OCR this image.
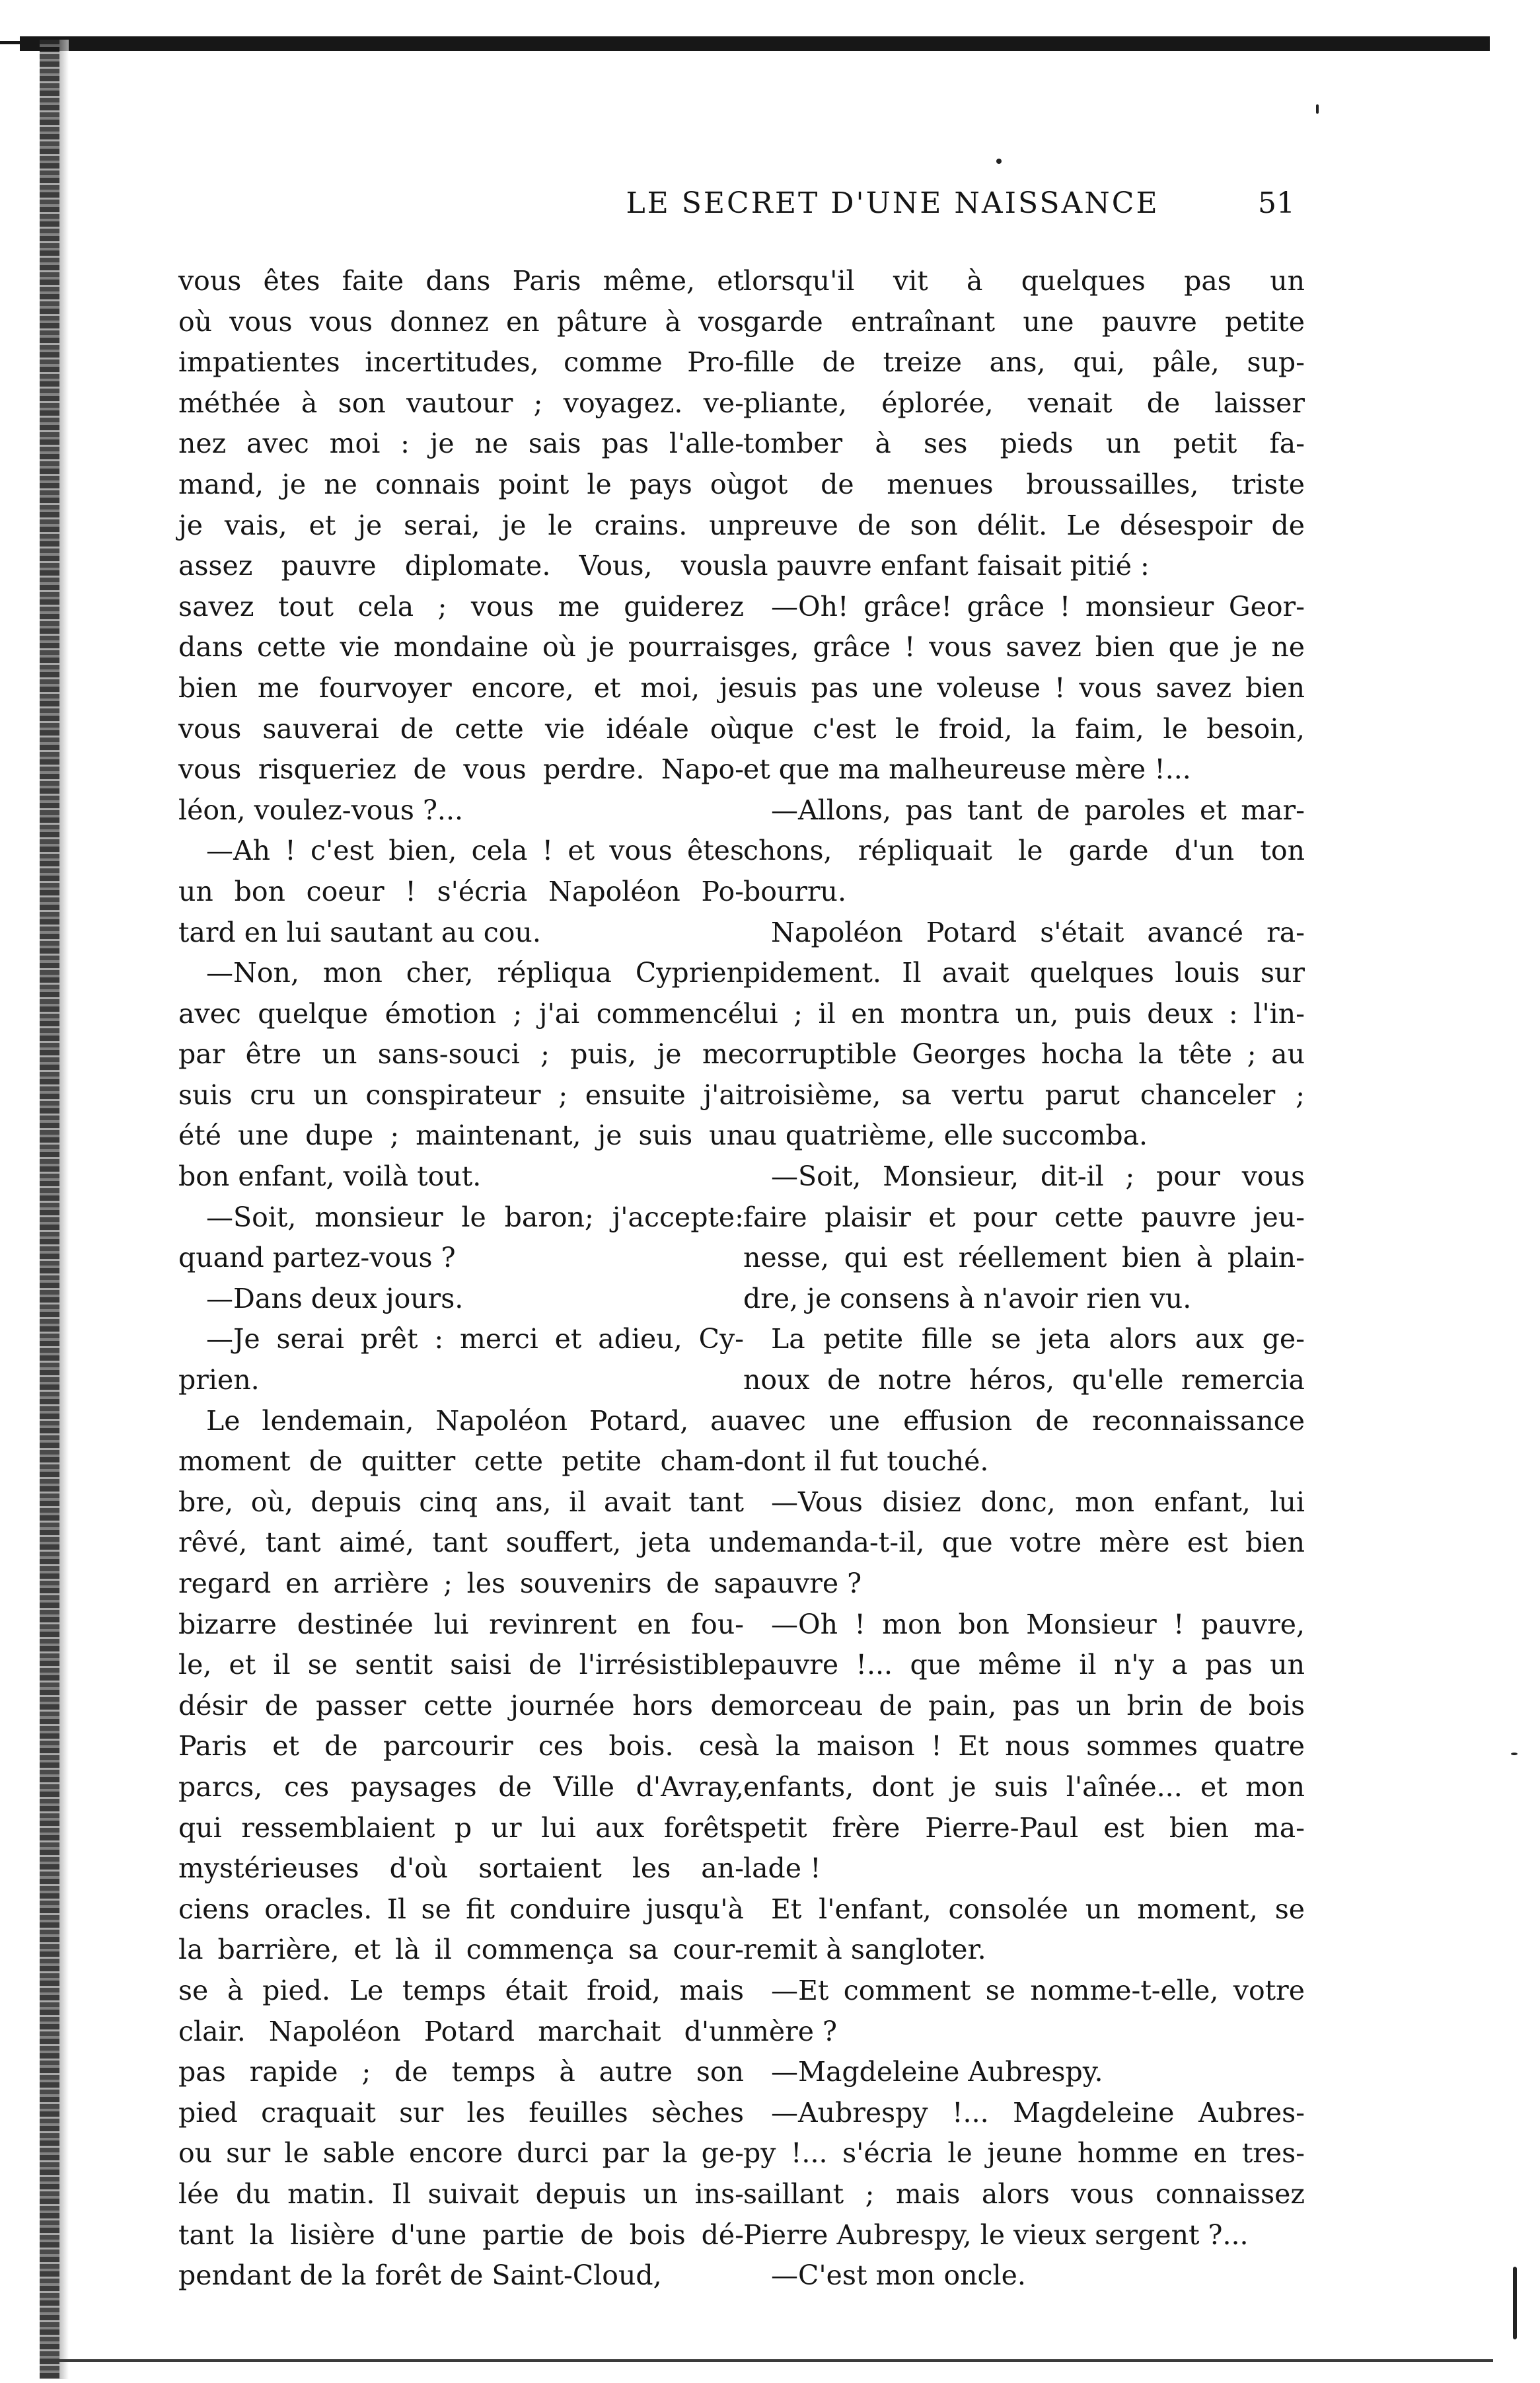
LE SECRET D'UNE NAISSANCE	51
vous êtes faite dans Paris même, et
où vous vous donnez en pâture à vos
impatientes incertitudes, comme Pro-
méthée à son vautour ; voyagez. ve-
nez avec moi : je ne sais pas l'alle-
mand, je ne connais point le pays où
je vais, et je serai, je le crains. un
assez pauvre diplomate. Vous, vous
savez tout cela ; vous me guiderez
dans cette vie mondaine où je pourrais
bien me fourvoyer encore, et moi, je
vous sauverai de cette vie idéale où
vous risqueriez de vous perdre. Napo-
léon, voulez-vous ?...
—Ah ! c'est bien, cela ! et vous êtes
un bon coeur ! s'écria Napoléon Po-
tard en lui sautant au cou.
—Non, mon cher, répliqua Cyprien
avec quelque émotion ; j'ai commencé
par être un sans-souci ; puis, je me
suis cru un conspirateur ; ensuite j'ai
été une dupe ; maintenant, je suis un
bon enfant, voilà tout.
—Soit, monsieur le baron; j'accepte:
quand partez-vous ?
—Dans deux jours.
—Je serai prêt : merci et adieu, Cy-
prien.
Le lendemain, Napoléon Potard, au
moment de quitter cette petite cham-
bre, où, depuis cinq ans, il avait tant
rêvé, tant aimé, tant souffert, jeta un
regard en arrière ; les souvenirs de sa
bizarre destinée lui revinrent en fou-
le, et il se sentit saisi de l'irrésistible
désir de passer cette journée hors de
Paris et de parcourir ces bois. ces
parcs, ces paysages de Ville d'Avray,
qui ressemblaient p ur lui aux forêts
mystérieuses d'où sortaient les an-
ciens oracles. Il se fit conduire jusqu'à
la barrière, et là il commença sa cour-
se à pied. Le temps était froid, mais
clair. Napoléon Potard marchait d'un
pas rapide ; de temps à autre son
pied craquait sur les feuilles sèches
ou sur le sable encore durci par la ge-
lée du matin. Il suivait depuis un ins-
tant la lisière d'une partie de bois dé-
pendant de la forêt de Saint-Cloud,
lorsqu'il vit à quelques pas un
garde entraînant une pauvre petite
fille de treize ans, qui, pâle, sup-
pliante, éplorée, venait de laisser
tomber à ses pieds un petit fa-
got de menues broussailles, triste
preuve de son délit. Le désespoir de
la pauvre enfant faisait pitié :
—Oh! grâce! grâce ! monsieur Geor-
ges, grâce ! vous savez bien que je ne
suis pas une voleuse ! vous savez bien
que c'est le froid, la faim, le besoin,
et que ma malheureuse mère !...
—Allons, pas tant de paroles et mar-
chons, répliquait le garde d'un ton
bourru.
Napoléon Potard s'était avancé ra-
pidement. Il avait quelques louis sur
lui ; il en montra un, puis deux : l'in-
corruptible Georges hocha la tête ; au
troisième, sa vertu parut chanceler ;
au quatrième, elle succomba.
—Soit, Monsieur, dit-il ; pour vous
faire plaisir et pour cette pauvre jeu-
nesse, qui est réellement bien à plain-
dre, je consens à n'avoir rien vu.
La petite fille se jeta alors aux ge-
noux de notre héros, qu'elle remercia
avec une effusion de reconnaissance
dont il fut touché.
—Vous disiez donc, mon enfant, lui
demanda-t-il, que votre mère est bien
pauvre ?
—Oh ! mon bon Monsieur ! pauvre,
pauvre !... que même il n'y a pas un
morceau de pain, pas un brin de bois
à la maison ! Et nous sommes quatre
enfants, dont je suis l'aînée... et mon
petit frère Pierre-Paul est bien ma-
lade !
Et l'enfant, consolée un moment, se
remit à sangloter.
—Et comment se nomme-t-elle, votre
mère ?
—Magdeleine Aubrespy.
—Aubrespy !... Magdeleine Aubres-
py !... s'écria le jeune homme en tres-
saillant ; mais alors vous connaissez
Pierre Aubrespy, le vieux sergent ?...
—C'est mon oncle.
